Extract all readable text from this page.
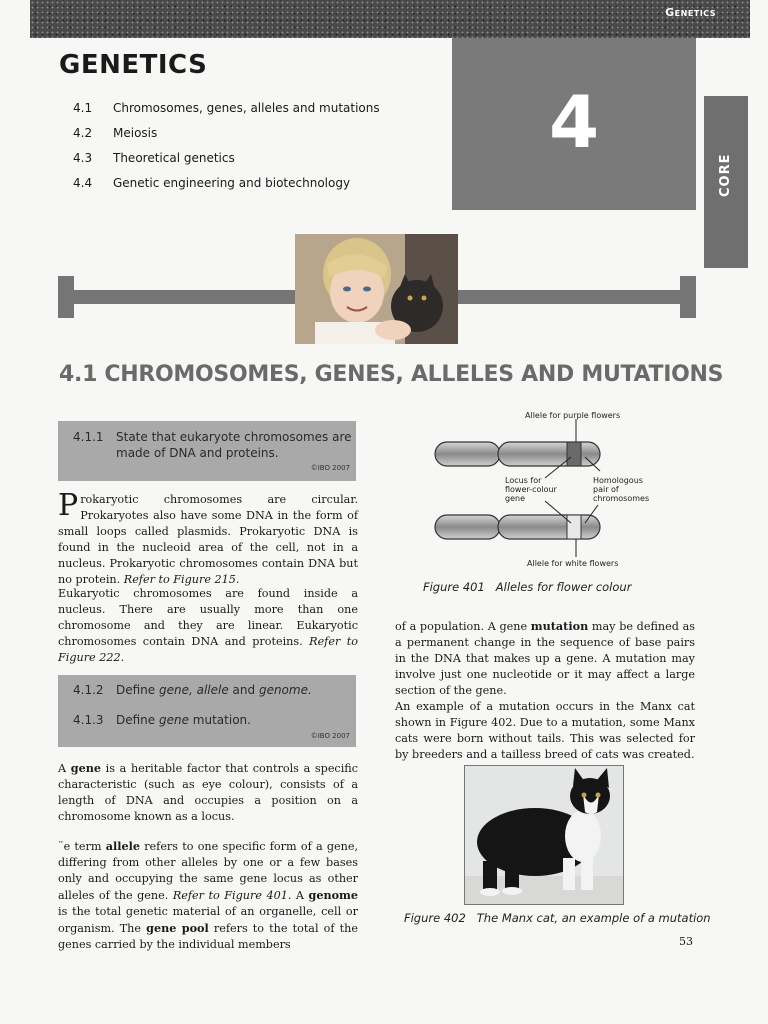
Genetics
GENETICS
4.1	Chromosomes, genes, alleles and mutations
4.2	Meiosis
4.3	Theoretical genetics
4.4	Genetic engineering and biotechnology
4
CORE
4.1 CHROMOSOMES, GENES, ALLELES AND MUTATIONS
4.1.1 State that eukaryote chromosomes are
made of DNA and proteins.
©IBO 2007
4.1.2 Define gene, allele and genome.
4.1.3 Define gene mutation.
©IBO 2007
Prokaryotic chromosomes are circular. Prokaryotes also have some DNA in the form of small loops called plasmids. Prokaryotic DNA is found in the nucleoid area of the cell, not in a nucleus. Prokaryotic chromosomes contain DNA but no protein. Refer to Figure 215.
Eukaryotic chromosomes are found inside a nucleus. There are usually more than one chromosome and they are linear. Eukaryotic chromosomes contain DNA and proteins. Refer to Figure 222.
A gene is a heritable factor that controls a specific characteristic (such as eye colour), consists of a length of DNA and occupies a position on a chromosome known as a locus.
¨e term allele refers to one specific form of a gene, differing from other alleles by one or a few bases only and occupying the same gene locus as other alleles of the gene. Refer to Figure 401. A genome is the total genetic material of an organelle, cell or organism. The gene pool refers to the total of the genes carried by the individual members
Allele for purple flowers
Locus for flower-colour gene
Homologous pair of chromosomes
Allele for white flowers
Figure 401 Alleles for flower colour
of a population. A gene mutation may be defined as a permanent change in the sequence of base pairs in the DNA that makes up a gene. A mutation may involve just one nucleotide or it may affect a large section of the gene.
An example of a mutation occurs in the Manx cat shown in Figure 402. Due to a mutation, some Manx cats were born without tails. This was selected for by breeders and a tailless breed of cats was created.
Figure 402 The Manx cat, an example of a mutation
53
